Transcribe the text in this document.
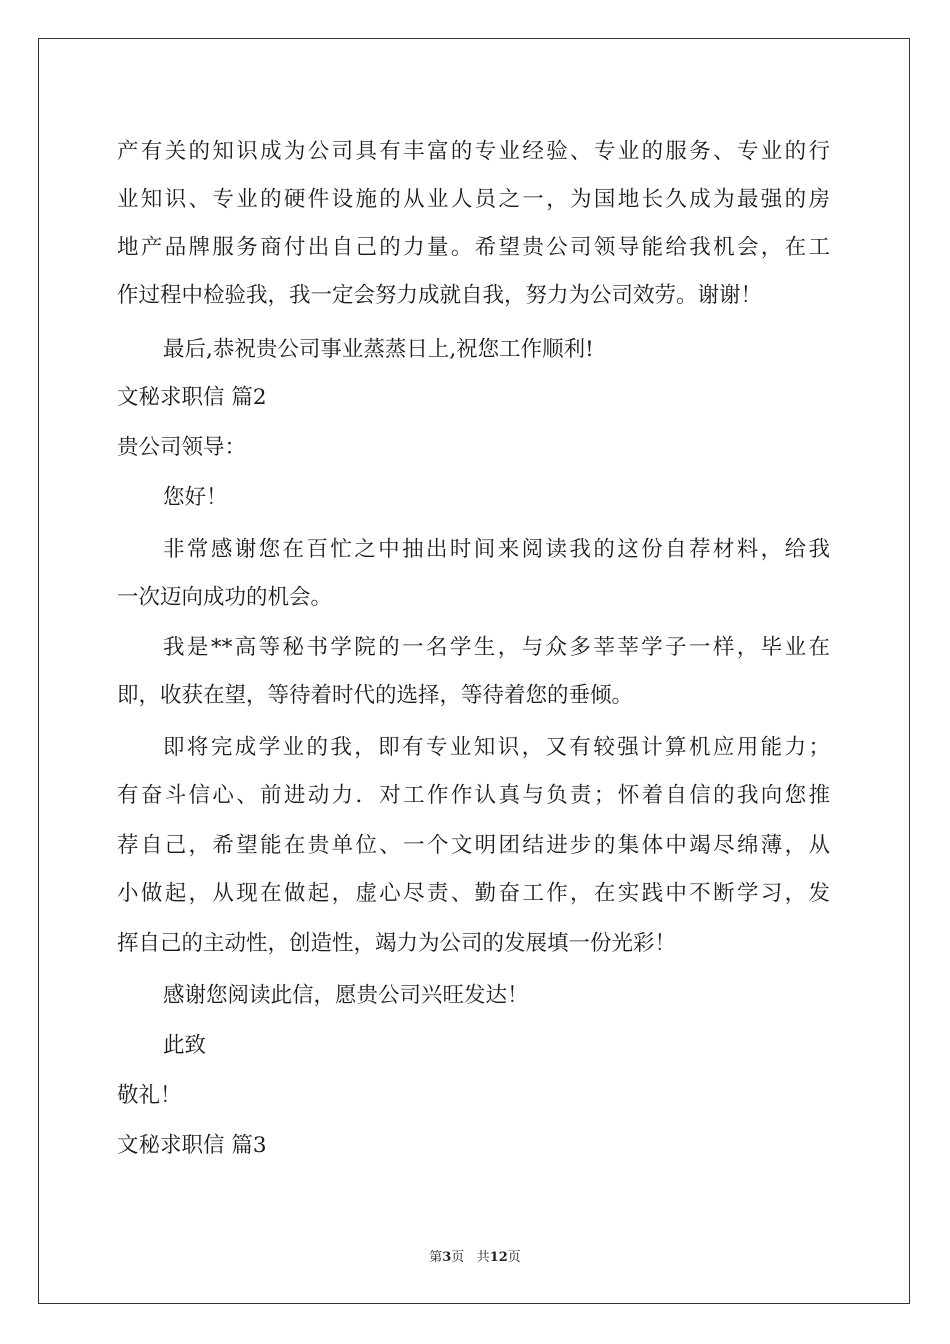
产有关的知识成为公司具有丰富的专业经验、专业的服务、专业的行
业知识、专业的硬件设施的从业人员之一，为国地长久成为最强的房
地产品牌服务商付出自己的力量。希望贵公司领导能给我机会，在工
作过程中检验我，我一定会努力成就自我，努力为公司效劳。谢谢！
最后,恭祝贵公司事业蒸蒸日上,祝您工作顺利!
文秘求职信 篇2
贵公司领导：
您好！
非常感谢您在百忙之中抽出时间来阅读我的这份自荐材料，给我
一次迈向成功的机会。
我是**高等秘书学院的一名学生，与众多莘莘学子一样，毕业在
即，收获在望，等待着时代的选择，等待着您的垂倾。
即将完成学业的我，即有专业知识，又有较强计算机应用能力；
有奋斗信心、前进动力．对工作作认真与负责；怀着自信的我向您推
荐自己，希望能在贵单位、一个文明团结进步的集体中竭尽绵薄，从
小做起，从现在做起，虚心尽责、勤奋工作，在实践中不断学习，发
挥自己的主动性，创造性，竭力为公司的发展填一份光彩！
感谢您阅读此信，愿贵公司兴旺发达！
此致
敬礼！
文秘求职信 篇3
第3页 共12页
